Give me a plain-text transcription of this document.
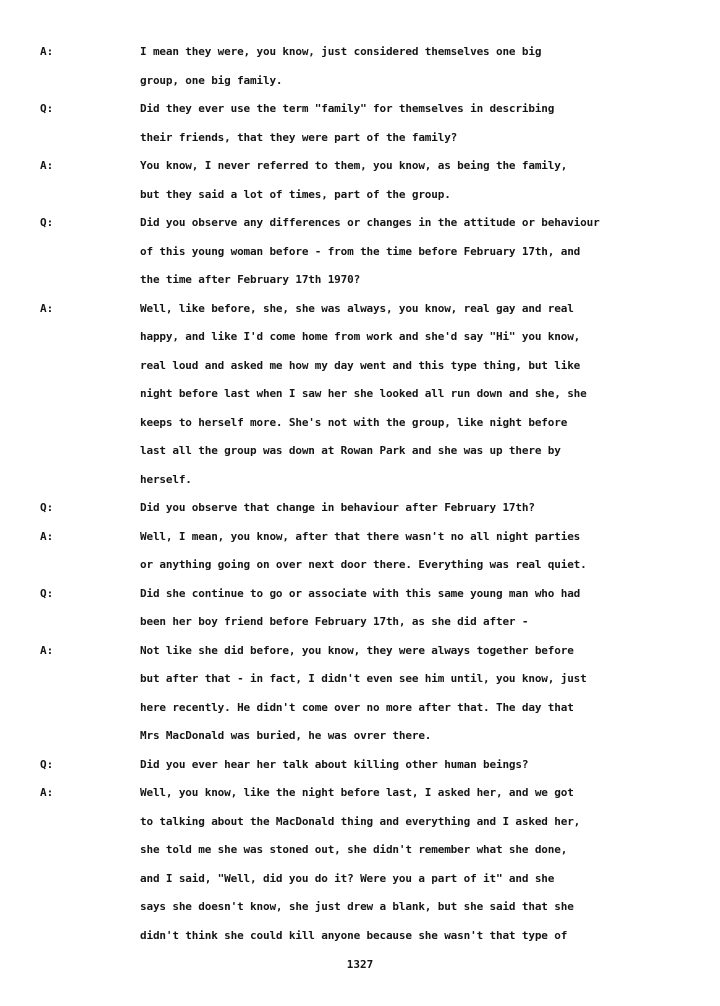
A:	I mean they were, you know, just considered themselves one big
group, one big family.
Q:	Did they ever use the term "family" for themselves in describing
their friends, that they were part of the family?
A:	You know, I never referred to them, you know, as being the family,
but they said a lot of times, part of the group.
Q:	Did you observe any differences or changes in the attitude or behaviour
of this young woman before - from the time before February 17th, and
the time after February 17th 1970?
A:	Well, like before, she, she was always, you know, real gay and real
happy, and like I'd come home from work and she'd say "Hi" you know,
real loud and asked me how my day went and this type thing, but like
night before last when I saw her she looked all run down and she, she
keeps to herself more. She's not with the group, like night before
last all the group was down at Rowan Park and she was up there by
herself.
Q:	Did you observe that change in behaviour after February 17th?
A:	Well, I mean, you know, after that there wasn't no all night parties
or anything going on over next door there. Everything was real quiet.
Q:	Did she continue to go or associate with this same young man who had
been her boy friend before February 17th, as she did after -
A:	Not like she did before, you know, they were always together before
but after that - in fact, I didn't even see him until, you know, just
here recently. He didn't come over no more after that. The day that
Mrs MacDonald was buried, he was ovrer there.
Q:	Did you ever hear her talk about killing other human beings?
A:	Well, you know, like the night before last, I asked her, and we got
to talking about the MacDonald thing and everything and I asked her,
she told me she was stoned out, she didn't remember what she done,
and I said, "Well, did you do it? Were you a part of it" and she
says she doesn't know, she just drew a blank, but she said that she
didn't think she could kill anyone because she wasn't that type of
1327
